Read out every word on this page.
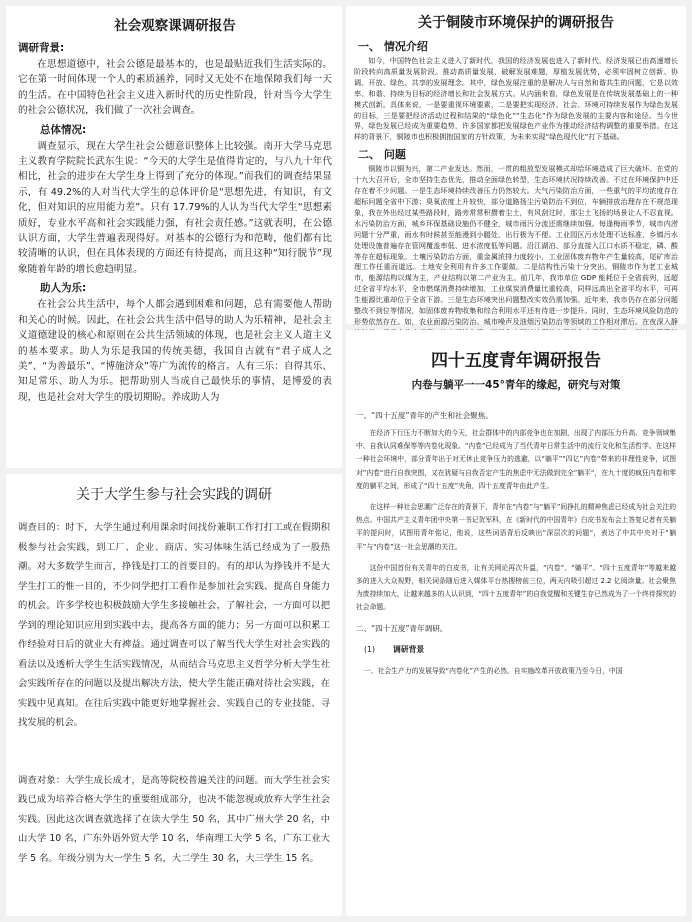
社会观察课调研报告
调研背景:

在思想道德中，社会公德是最基本的，也是最贴近我们生活实际的。它在第一时间体现一个人的素质涵养，同时又无处不在地保障我们每一天的生活。在中国特色社会主义进入新时代的历史性阶段，针对当今大学生的社会公德状况，我们做了一次社会调查。

总体情况:

调查显示，现在大学生社会公德意识整体上比较强。南开大学马克思主义教育学院院长武东生说：“今天的大学生是值得肯定的，与八九十年代相比，社会的进步在大学生身上得到了充分的体现。”而我们的调查结果显示，有 49.2%的人对当代大学生的总体评价是“思想先进，有知识，有文化，但对知识的应用能力差”。只有 17.79%的人认为当代大学生“思想素质好，专业水平高和社会实践能力强，有社会责任感。”这就表明，在公德认识方面，大学生普遍表现得好。对基本的公德行为和范畴，他们都有比较清晰的认识，但在具体表现的方面还有待提高，而且这种“知行脱节”现象随着年龄的增长愈趋明显。

助人为乐:

在社会公共生活中，每个人都会遇到困难和问题，总有需要他人帮助和关心的时候。因此，在社会公共生活中倡导的助人为乐精神，是社会主义道德建设的核心和原则在公共生活领域的体现，也是社会主义人道主义的基本要求。助人为乐是我国的传统美德，我国自古就有“君子成人之美”、“为善最乐”、“博施济众”等广为流传的格言。人有三乐：自得其乐、知足常乐、助人为乐。把帮助别人当成自己最快乐的事情，是博爱的表现，也是社会对大学生的殷切期盼。养成助人为

关于铜陵市环境保护的调研报告
一、 情况介绍

如今，中国特色社会主义进入了新时代，我国的经济发展也进入了新时代，经济发展已由高速增长阶段转向高质量发展阶段。推动高质量发展，破解发展难题，厚植发展优势，必须牢固树立创新、协调、开放、绿色、共享的发展理念。其中，绿色发展注重的是解决人与自然和谐共生的问题，它是以效率、和谐、持续为目标的经济增长和社会发展方式。从内涵来看，绿色发展是在传统发展基础上的一种模式创新。具体来说，一是要重视环境要素，二是要把实现经济、社会、环境可持续发展作为绿色发展的目标，三是要把经济活动过程和结果的“绿色化”“生态化”作为绿色发展的主要内容和途径。当今世界，绿色发展已经成为重要趋势，许多国家都把发展绿色产业作为推动经济结构调整的重要举措。在这样的背景下，铜陵市也积极拥抱国家的方针政策，为未来实现“绿色现代化”打下基础。

二、 问题

铜陵市以铜为兴，第二产业发达。然而，一贯的粗放型发展模式却给环境造成了巨大破坏。在党的十九大召开后，全市坚持生态优先，推动全面绿色转型，生态环境状况持续改善。不过在环境保护中还存在着不少问题。一是生态环境持续改善压力仍然较大。大气污染防治方面，一些重气的平均浓度存在超标问题全省中下游；臭氧浓度上升较快，部分道路扬尘污染防治不到位，车辆排放治理存在不规范现象，我在外出经过某些路段时，路旁常常积攒着尘土，有风刮过时，那尘土飞扬的场景让人不忍直视。水污染防治方面，城乡环保基础设施仍不健全，城市雨污分流还需继续加强。每逢梅雨季节，城市内涝问题十分严重，雨水有时候甚至能漫到小腿处，出行极为不便。工业园区污水处理不达标准，乡镇污水处理设施普遍存在管网覆盖率低、进水浓度低等问题。沿江湖泊、部分直接入江口水质不稳定，磷、酸等存在超标现象。土壤污染防治方面，重金属浓排力度较小，工业固体废弃物年产生量较高，尾矿库治理工作任重而道远。土地安全利用有许多工作要做。二是结构性污染十分突出。铜陵市作为老工业城市，能源结构以煤为主，产业结构以第二产业为主。前几年，我市单位 GDP 能耗位于全省前列，远超过全省平均水平，全市燃煤消费持续增加，工业煤炭消费量比重较高，同样远高出全省平均水平，可再生能源比重却位于全省下游。三是生态环境突出问题整改实效仍需加强。近年来，我市仍存在部分问题整改不到位等情况，如固体废弃物收集和综合利用水平还有待进一步提升。同时，生态环境风险防范的形势依然存在。如，农业面源污染防治、城市噪声及油烟污染防治等领域的工作相对滞后。在夜深入静

关于大学生参与社会实践的调研

调查目的：时下，大学生通过利用课余时间找份兼职工作打打工或在假期积极参与社会实践，到工厂、企业、商店、实习体味生活已经成为了一股热潮。对大多数学生而言，挣钱是打工的首要目的。有的却认为挣钱并不是大学生打工的惟一目的，不少同学把打工看作是参加社会实践、提高自身能力的机会。许多学校也积极鼓励大学生多接触社会，了解社会，一方面可以把学到的理论知识应用到实践中去，提高各方面的能力；另一方面可以积累工作经验对日后的就业大有裨益。通过调查可以了解当代大学生对社会实践的看法以及透析大学生生活实践情况，从而结合马克思主义哲学分析大学生社会实践所存在的问题以及提出解决方法，使大学生能正确对待社会实践，在实践中见真知。在往后实践中能更好地掌握社会、实践自己的专业技能、寻找发展的机会。

调查对象：大学生成长成才，是高等院校普遍关注的问题。而大学生社会实践已成为培养合格大学生的重要组成部分，也决不能忽视或放弃大学生社会实践。因此这次调查就选择了在读大学生 50 名，其中广州大学 20 名，中山大学 10 名，广东外语外贸大学 10 名，华南理工大学 5 名，广东工业大学 5 名。年级分别为大一学生 5 名，大二学生 30 名，大三学生 15 名。

四十五度青年调研报告
内卷与躺平一一45°青年的缘起，研究与对策
一、“四十五度”青年的产生和社会聚焦。

在经济下行压力不断加大的今天，社会群体中的内部竞争也在加剧，出现了内部压力升高、竞争领域集中、自我认同难保等等内卷化现象。“内卷”已经成为了当代青年日常生活中的流行文化和生活哲学。在这样一种社会环境中，部分青年出于对无休止竞争压力的逃避，以“躺平”“四亿”内卷“带来的非理性竞争，试图对”内卷“进行自我突围，又在犹疑与自我否定产生的焦虑中无法做到完全”躺平“，在九十度的疯狂内卷和零度的躺平之间，形成了“四十五度”夹角，四十五度青年由此产生。

在这样一种社会思潮广泛存在的背景下，青年在“内卷”与“躺平”间挣扎的精神焦虑已经成为社会关注的热点。中国共产主义青年团中央第一书记贺军科，在《新时代的中国青年》白皮书发布会上答复记者有关躺平的提问时，试图用青年铭记，他说，这些词语背后反映出“深层次的问题”，表达了中共中央对于“躺平”与“内卷”这一社会思潮的关注。

这份中国首份有关青年的白皮书，让有关网论再次升温，“内卷”、“躺平”、“四十五度青年”等越来越多的进入大众视野，相关词条随后进入媒体平台热搜榜前三位，两天内吸引超过 2.2 亿阅读量。社会聚焦为废持续加大，让越来越多的人认识到，“四十五度青年”的自我觉醒和关键生存已然成为了一个终待探究的社会命题。

二、“四十五度”青年调研。
(1) 调研背景
一、社会生产力的发展导致“内卷化”产生的必然。自实施改革开放政策乃至今日，中国
